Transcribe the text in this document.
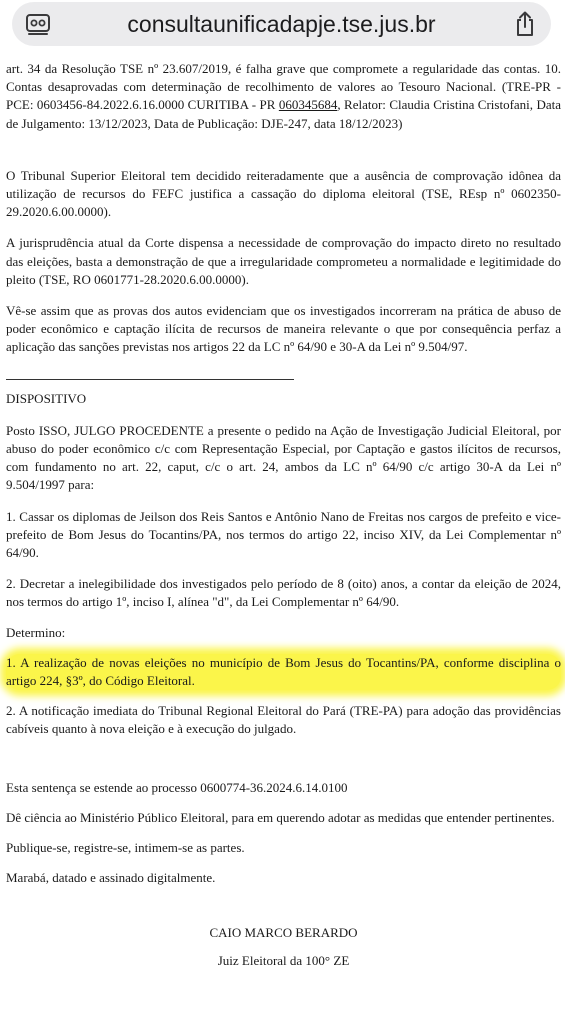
consultaunificadapje.tse.jus.br

art. 34 da Resolução TSE nº 23.607/2019, é falha grave que compromete a regularidade das contas. 10. Contas desaprovadas com determinação de recolhimento de valores ao Tesouro Nacional. (TRE-PR - PCE: 0603456-84.2022.6.16.0000 CURITIBA - PR 060345684, Relator: Claudia Cristina Cristofani, Data de Julgamento: 13/12/2023, Data de Publicação: DJE-247, data 18/12/2023)

O Tribunal Superior Eleitoral tem decidido reiteradamente que a ausência de comprovação idônea da utilização de recursos do FEFC justifica a cassação do diploma eleitoral (TSE, REsp nº 0602350-29.2020.6.00.0000).

A jurisprudência atual da Corte dispensa a necessidade de comprovação do impacto direto no resultado das eleições, basta a demonstração de que a irregularidade comprometeu a normalidade e legitimidade do pleito (TSE, RO 0601771-28.2020.6.00.0000).

Vê-se assim que as provas dos autos evidenciam que os investigados incorreram na prática de abuso de poder econômico e captação ilícita de recursos de maneira relevante o que por consequência perfaz a aplicação das sanções previstas nos artigos 22 da LC nº 64/90 e 30-A da Lei nº 9.504/97.

DISPOSITIVO

Posto ISSO, JULGO PROCEDENTE a presente o pedido na Ação de Investigação Judicial Eleitoral, por abuso do poder econômico c/c com Representação Especial, por Captação e gastos ilícitos de recursos, com fundamento no art. 22, caput, c/c o art. 24, ambos da LC nº 64/90 c/c artigo 30-A da Lei nº 9.504/1997 para:

1. Cassar os diplomas de Jeilson dos Reis Santos e Antônio Nano de Freitas nos cargos de prefeito e vice-prefeito de Bom Jesus do Tocantins/PA, nos termos do artigo 22, inciso XIV, da Lei Complementar nº 64/90.

2. Decretar a inelegibilidade dos investigados pelo período de 8 (oito) anos, a contar da eleição de 2024, nos termos do artigo 1º, inciso I, alínea "d", da Lei Complementar nº 64/90.

Determino:

1. A realização de novas eleições no município de Bom Jesus do Tocantins/PA, conforme disciplina o artigo 224, §3º, do Código Eleitoral.

2. A notificação imediata do Tribunal Regional Eleitoral do Pará (TRE-PA) para adoção das providências cabíveis quanto à nova eleição e à execução do julgado.

Esta sentença se estende ao processo 0600774-36.2024.6.14.0100

Dê ciência ao Ministério Público Eleitoral, para em querendo adotar as medidas que entender pertinentes.

Publique-se, registre-se, intimem-se as partes.

Marabá, datado e assinado digitalmente.

CAIO MARCO BERARDO

Juiz Eleitoral da 100° ZE
